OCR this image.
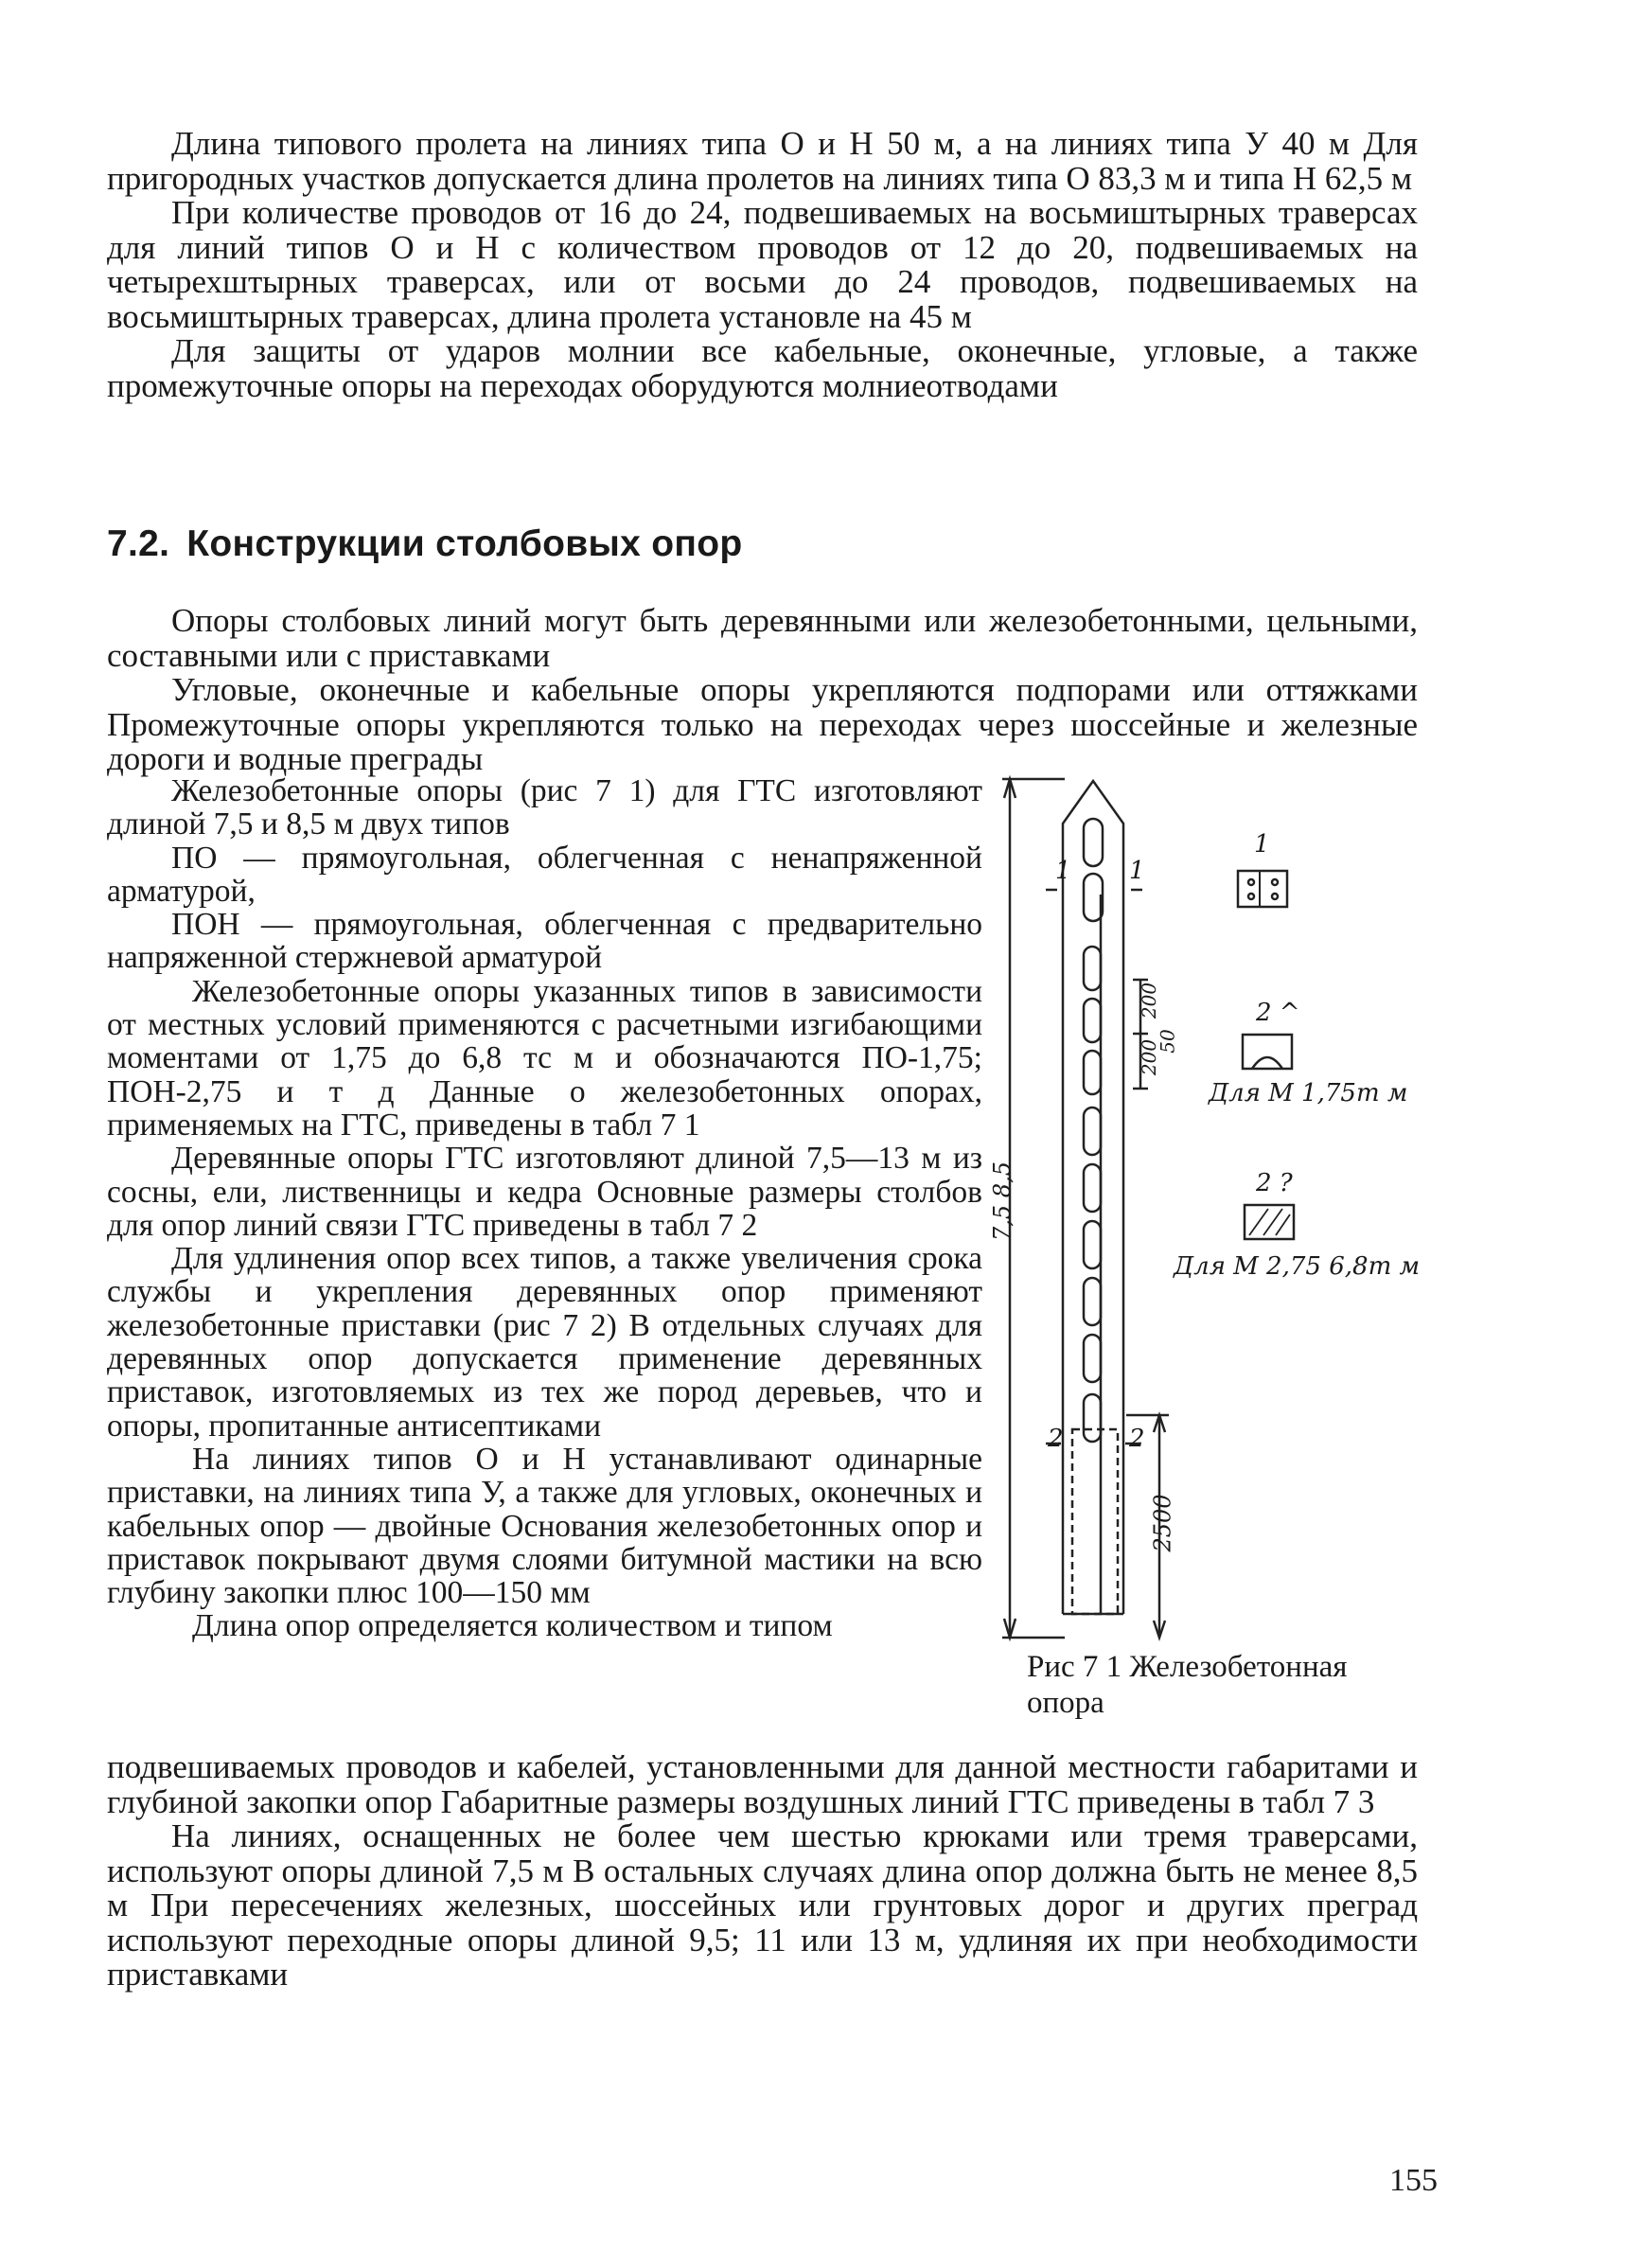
Длина типового пролета на линиях типа О и Н 50 м, а на линиях типа У 40 м Для пригородных участков допускается длина пролетов на линиях типа О 83,3 м и типа Н 62,5 м

При количестве проводов от 16 до 24, подвешиваемых на восьмиштырных траверсах для линий типов О и Н с количеством проводов от 12 до 20, подвешиваемых на четырехштырных траверсах, или от восьми до 24 проводов, подвешиваемых на восьмиштырных траверсах, длина пролета установле на 45 м

Для защиты от ударов молнии все кабельные, оконечные, угловые, а также промежуточные опоры на переходах оборудуются молниеотводами

7.2. Конструкции столбовых опор

Опоры столбовых линий могут быть деревянными или железобетонными, цельными, составными или с приставками

Угловые, оконечные и кабельные опоры укрепляются подпорами или оттяжками Промежуточные опоры укрепляются только на переходах через шоссейные и железные дороги и водные преграды

Железобетонные опоры (рис 7 1) для ГТС изготовляют длиной 7,5 и 8,5 м двух типов

ПО — прямоугольная, облегченная с ненапряженной арматурой,

ПОН — прямоугольная, облегченная с предварительно напряженной стержневой арматурой

Железобетонные опоры указанных типов в зависимости от местных условий применяются с расчетными изгибающими моментами от 1,75 до 6,8 тс м и обозначаются ПО-1,75; ПОН-2,75 и т д Данные о железобетонных опорах, применяемых на ГТС, приведены в табл 7 1

Деревянные опоры ГТС изготовляют длиной 7,5—13 м из сосны, ели, лиственницы и кедра Основные размеры столбов для опор линий связи ГТС приведены в табл 7 2

Для удлинения опор всех типов, а также увеличения срока службы и укрепления деревянных опор применяют железобетонные приставки (рис 7 2) В отдельных случаях для деревянных опор допускается применение деревянных приставок, изготовляемых из тех же пород деревьев, что и опоры, пропитанные антисептиками

На линиях типов О и Н устанавливают одинарные приставки, на линиях типа У, а также для угловых, оконечных и кабельных опор — двойные Основания железобетонных опор и приставок покрывают двумя слоями битумной мастики на всю глубину закопки плюс 100—150 мм

Длина опор определяется количеством и типом

подвешиваемых проводов и кабелей, установленными для данной местности габаритами и глубиной закопки опор Габаритные размеры воздушных линий ГТС приведены в табл 7 3

На линиях, оснащенных не более чем шестью крюками или тремя траверсами, используют опоры длиной 7,5 м В остальных случаях длина опор должна быть не менее 8,5 м При пересечениях железных, шоссейных или грунтовых дорог и других преград используют переходные опоры длиной 9,5; 11 или 13 м, удлиняя их при необходимости приставками

1
1 1
2 ^
Для М 1,75т м
2 ?
Для М 2,75 6,8т м
200
200
50
7,5 8,5
2500
2	2
Рис 7 1 Железобетонная опора
155
